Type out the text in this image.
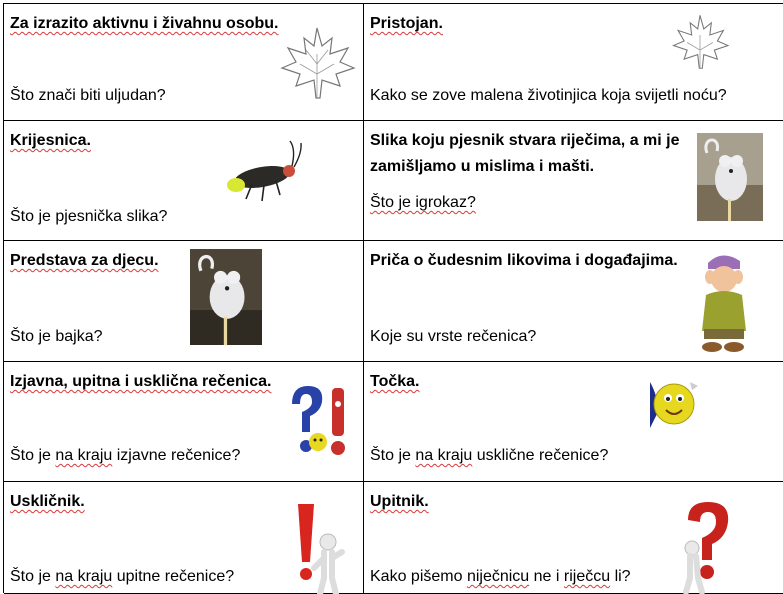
Za izrazito aktivnu i živahnu osobu.

Što znači biti uljudan?

Pristojan.

Kako se zove malena životinjica koja svijetli noću?

Krijesnica.

Što je pjesnička slika?

Slika koju pjesnik stvara riječima, a mi je zamišljamo u mislima i mašti.

Što je igrokaz?

Predstava za djecu.

Što je bajka?

Priča o čudesnim likovima i događajima.

Koje su vrste rečenica?

Izjavna, upitna i usklična rečenica.

Što je na kraju izjavne rečenice?

Točka.

Što je na kraju usklične rečenice?

Uskličnik.

Što je na kraju upitne rečenice?

Upitnik.

Kako pišemo niječnicu ne i riječcu li?
